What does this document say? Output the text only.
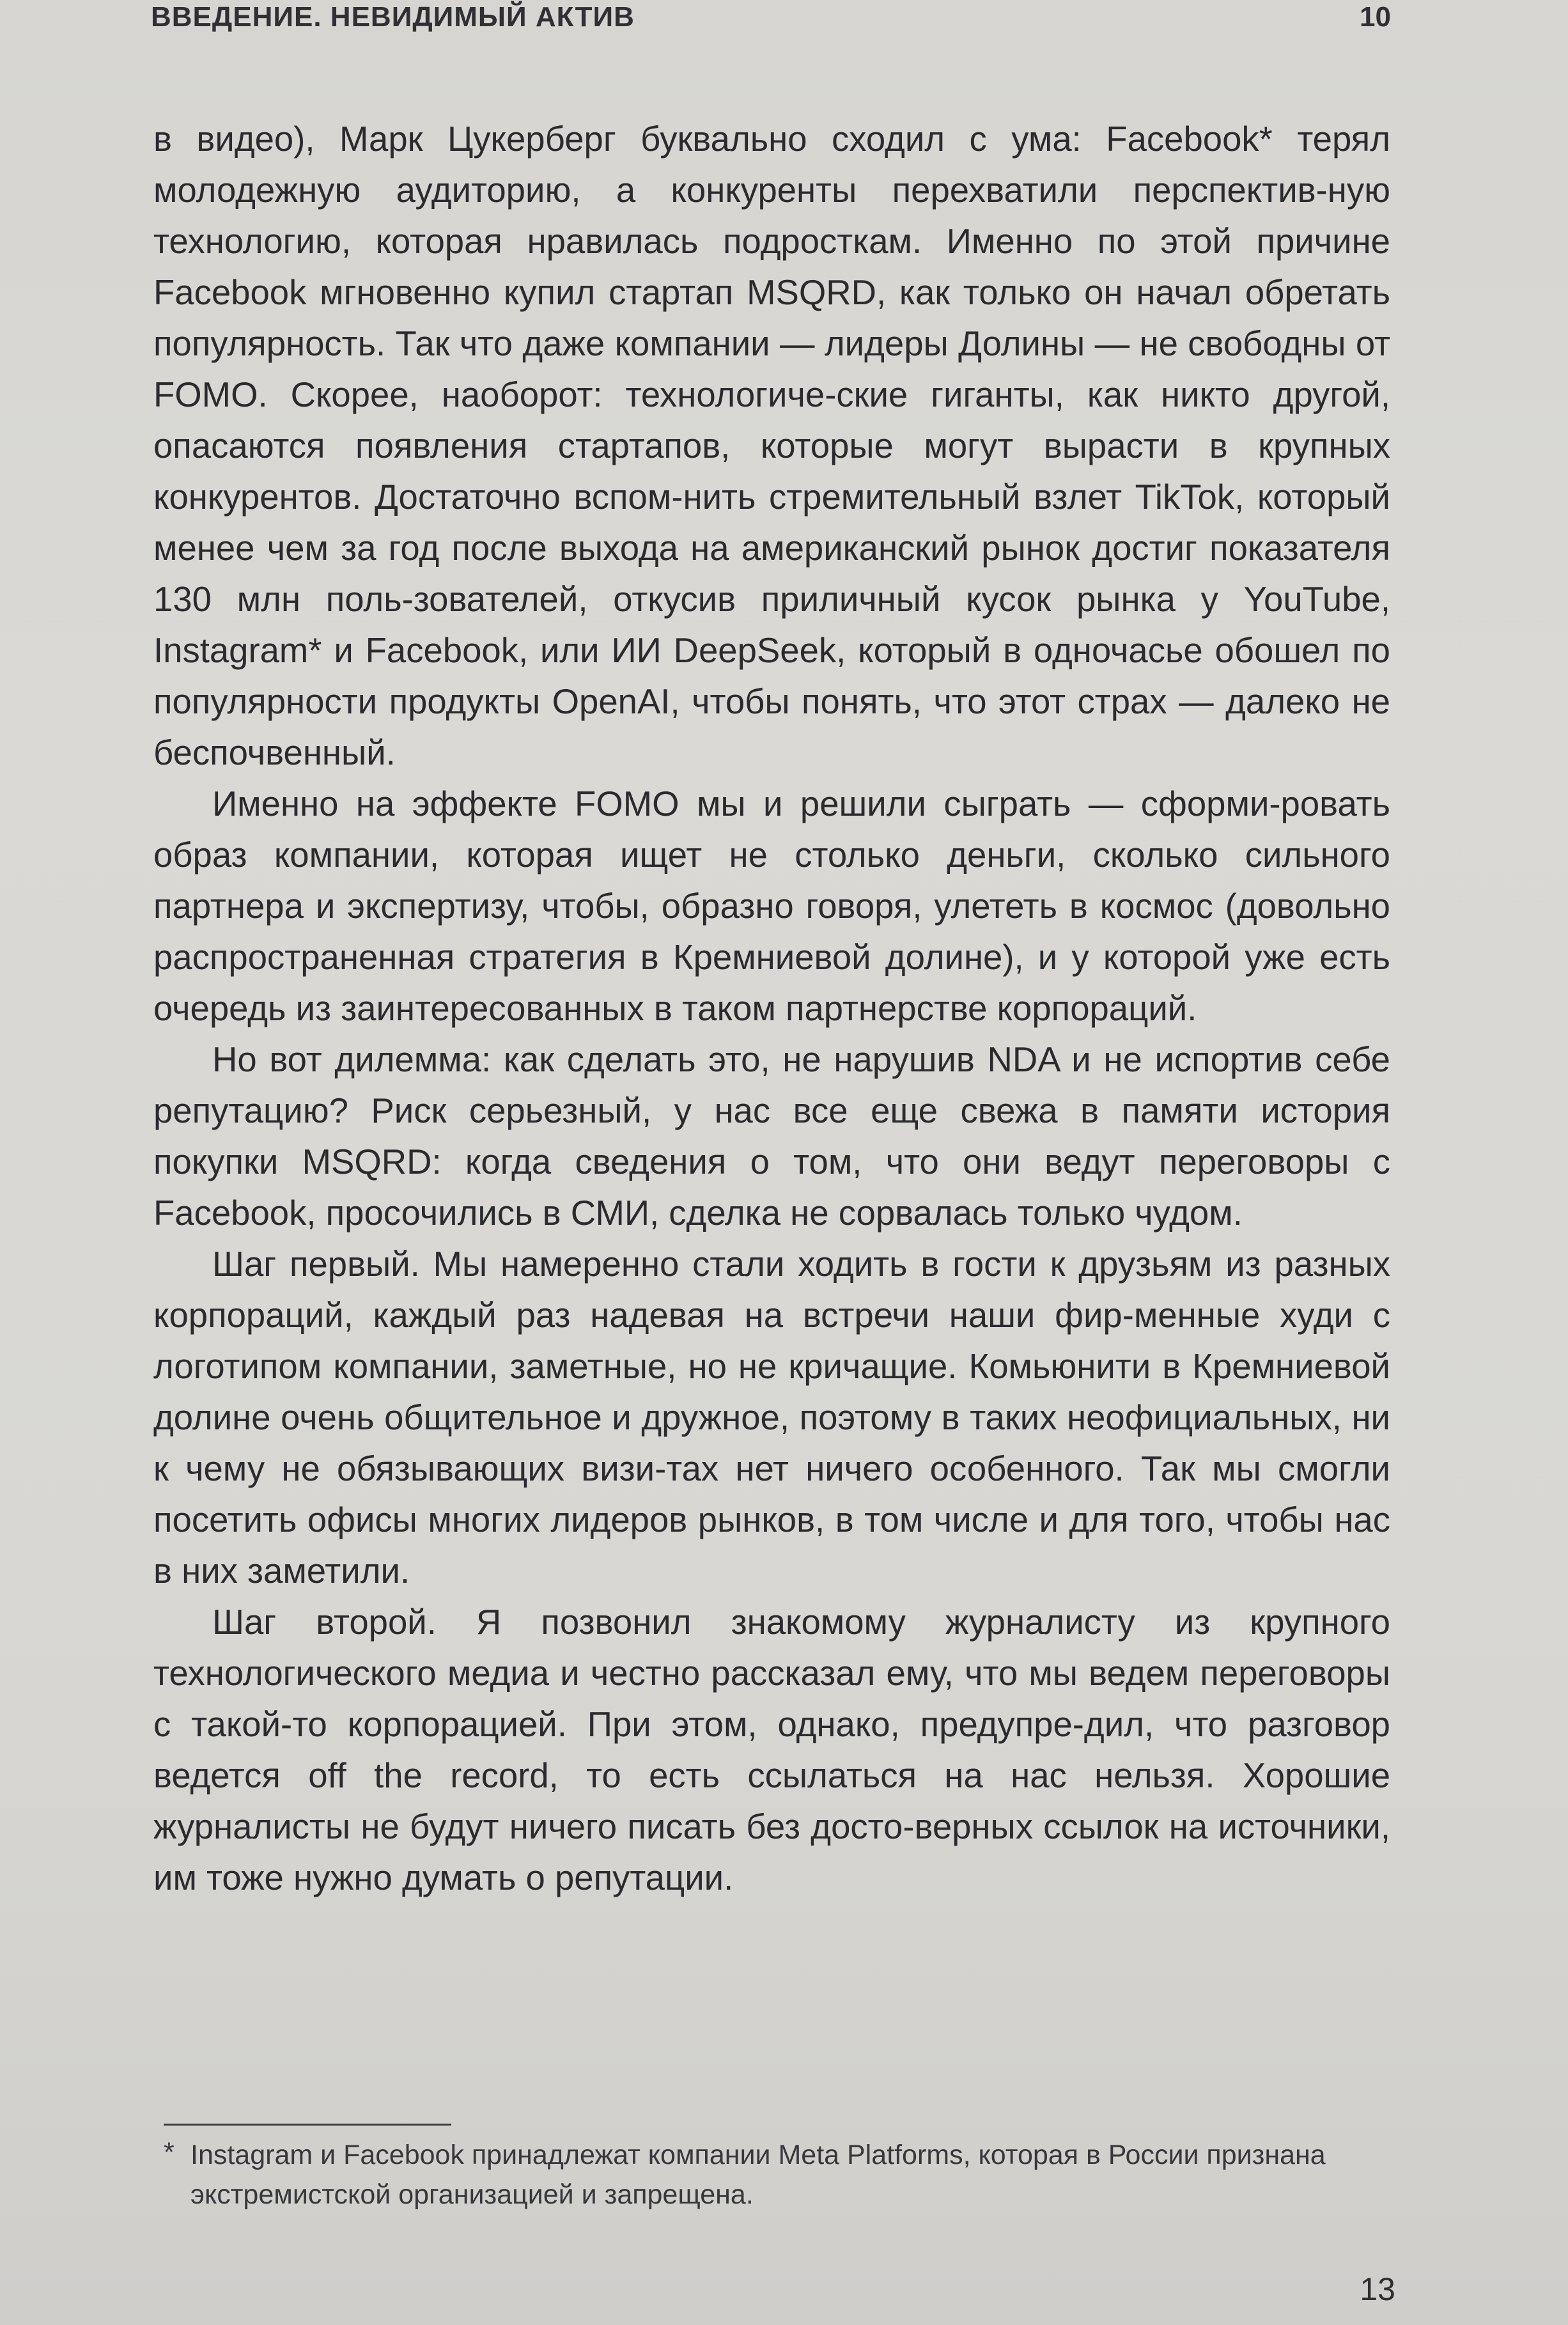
ВВЕДЕНИЕ. НЕВИДИМЫЙ АКТИВ	10

в видео), Марк Цукерберг буквально сходил с ума: Facebook* терял молодежную аудиторию, а конкуренты перехватили перспектив-ную технологию, которая нравилась подросткам. Именно по этой причине Facebook мгновенно купил стартап MSQRD, как только он начал обретать популярность. Так что даже компании — лидеры Долины — не свободны от FOMO. Скорее, наоборот: технологиче-ские гиганты, как никто другой, опасаются появления стартапов, которые могут вырасти в крупных конкурентов. Достаточно вспом-нить стремительный взлет TikTok, который менее чем за год после выхода на американский рынок достиг показателя 130 млн поль-зователей, откусив приличный кусок рынка у YouTube, Instagram* и Facebook, или ИИ DeepSeek, который в одночасье обошел по популярности продукты OpenAI, чтобы понять, что этот страх — далеко не беспочвенный.

Именно на эффекте FOMO мы и решили сыграть — сформи-ровать образ компании, которая ищет не столько деньги, сколько сильного партнера и экспертизу, чтобы, образно говоря, улететь в космос (довольно распространенная стратегия в Кремниевой долине), и у которой уже есть очередь из заинтересованных в таком партнерстве корпораций.

Но вот дилемма: как сделать это, не нарушив NDA и не испортив себе репутацию? Риск серьезный, у нас все еще свежа в памяти история покупки MSQRD: когда сведения о том, что они ведут переговоры с Facebook, просочились в СМИ, сделка не сорвалась только чудом.

Шаг первый. Мы намеренно стали ходить в гости к друзьям из разных корпораций, каждый раз надевая на встречи наши фир-менные худи с логотипом компании, заметные, но не кричащие. Комьюнити в Кремниевой долине очень общительное и дружное, поэтому в таких неофициальных, ни к чему не обязывающих визи-тах нет ничего особенного. Так мы смогли посетить офисы многих лидеров рынков, в том числе и для того, чтобы нас в них заметили.

Шаг второй. Я позвонил знакомому журналисту из крупного технологического медиа и честно рассказал ему, что мы ведем переговоры с такой-то корпорацией. При этом, однако, предупре-дил, что разговор ведется off the record, то есть ссылаться на нас нельзя. Хорошие журналисты не будут ничего писать без досто-верных ссылок на источники, им тоже нужно думать о репутации.

* Instagram и Facebook принадлежат компании Meta Platforms, которая в России признана экстремистской организацией и запрещена.
13
